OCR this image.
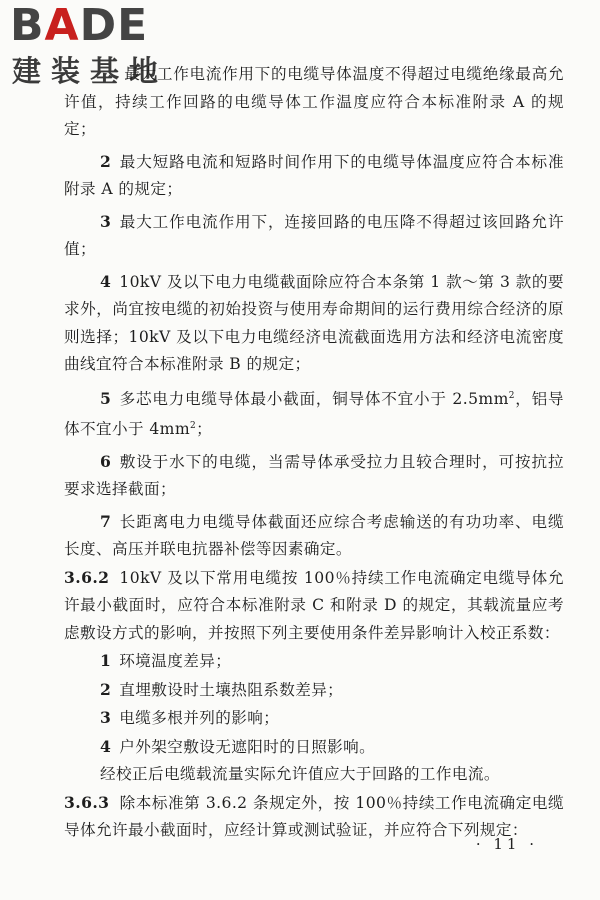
BADE
建装基地

最大工作电流作用下的电缆导体温度不得超过电缆绝缘最高允许值，持续工作回路的电缆导体工作温度应符合本标准附录 A 的规定；

2 最大短路电流和短路时间作用下的电缆导体温度应符合本标准附录 A 的规定；

3 最大工作电流作用下，连接回路的电压降不得超过该回路允许值；

4 10kV 及以下电力电缆截面除应符合本条第 1 款～第 3 款的要求外，尚宜按电缆的初始投资与使用寿命期间的运行费用综合经济的原则选择；10kV 及以下电力电缆经济电流截面选用方法和经济电流密度曲线宜符合本标准附录 B 的规定；

5 多芯电力电缆导体最小截面，铜导体不宜小于 $2.5mm^2$，铝导体不宜小于 $4mm^2$；

6 敷设于水下的电缆，当需导体承受拉力且较合理时，可按抗拉要求选择截面；

7 长距离电力电缆导体截面还应综合考虑输送的有功功率、电缆长度、高压并联电抗器补偿等因素确定。

3.6.2 10kV 及以下常用电缆按 100％持续工作电流确定电缆导体允许最小截面时，应符合本标准附录 C 和附录 D 的规定，其载流量应考虑敷设方式的影响，并按照下列主要使用条件差异影响计入校正系数：

1 环境温度差异；

2 直埋敷设时土壤热阻系数差异；

3 电缆多根并列的影响；

4 户外架空敷设无遮阳时的日照影响。

经校正后电缆载流量实际允许值应大于回路的工作电流。

3.6.3 除本标准第 3.6.2 条规定外，按 100％持续工作电流确定电缆导体允许最小截面时，应经计算或测试验证，并应符合下列规定：

· 11 ·
